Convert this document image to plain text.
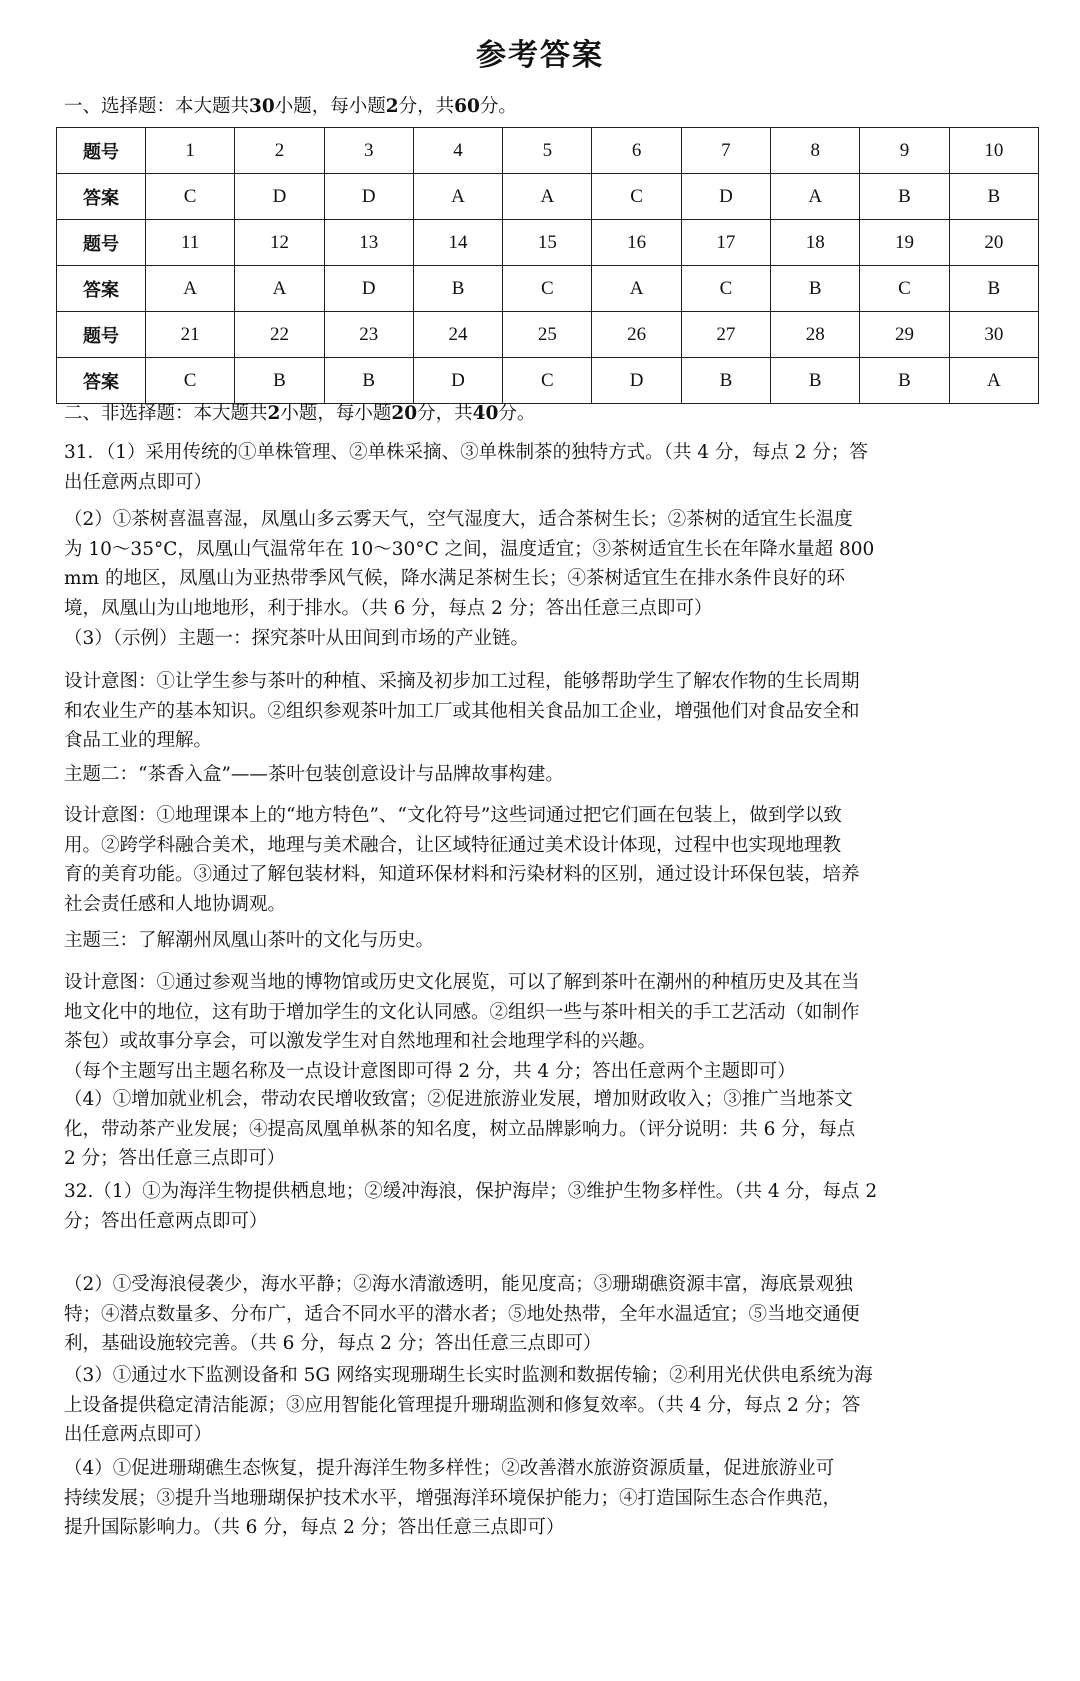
参考答案
一、选择题：本大题共30小题，每小题2分，共60分。
题号	1	2	3	4	5	6	7	8	9	10
答案	C	D	D	A	A	C	D	A	B	B
题号	11	12	13	14	15	16	17	18	19	20
答案	A	A	D	B	C	A	C	B	C	B
题号	21	22	23	24	25	26	27	28	29	30
答案	C	B	B	D	C	D	B	B	B	A
二、非选择题：本大题共2小题，每小题20分，共40分。
31．（1）采用传统的①单株管理、②单株采摘、③单株制茶的独特方式。（共 4 分，每点 2 分；答
出任意两点即可）
（2）①茶树喜温喜湿，凤凰山多云雾天气，空气湿度大，适合茶树生长；②茶树的适宜生长温度
为 10～35°C，凤凰山气温常年在 10～30°C 之间，温度适宜；③茶树适宜生长在年降水量超 800
mm 的地区，凤凰山为亚热带季风气候，降水满足茶树生长；④茶树适宜生在排水条件良好的环
境，凤凰山为山地地形，利于排水。（共 6 分，每点 2 分；答出任意三点即可）
（3）（示例）主题一：探究茶叶从田间到市场的产业链。
设计意图：①让学生参与茶叶的种植、采摘及初步加工过程，能够帮助学生了解农作物的生长周期
和农业生产的基本知识。②组织参观茶叶加工厂或其他相关食品加工企业，增强他们对食品安全和
食品工业的理解。
主题二：“茶香入盒”——茶叶包装创意设计与品牌故事构建。
设计意图：①地理课本上的“地方特色”、“文化符号”这些词通过把它们画在包装上，做到学以致
用。②跨学科融合美术，地理与美术融合，让区域特征通过美术设计体现，过程中也实现地理教
育的美育功能。③通过了解包装材料，知道环保材料和污染材料的区别，通过设计环保包装，培养
社会责任感和人地协调观。
主题三：了解潮州凤凰山茶叶的文化与历史。
设计意图：①通过参观当地的博物馆或历史文化展览，可以了解到茶叶在潮州的种植历史及其在当
地文化中的地位，这有助于增加学生的文化认同感。②组织一些与茶叶相关的手工艺活动（如制作
茶包）或故事分享会，可以激发学生对自然地理和社会地理学科的兴趣。
（每个主题写出主题名称及一点设计意图即可得 2 分，共 4 分；答出任意两个主题即可）
（4）①增加就业机会，带动农民增收致富；②促进旅游业发展，增加财政收入；③推广当地茶文
化，带动茶产业发展；④提高凤凰单枞茶的知名度，树立品牌影响力。（评分说明：共 6 分，每点
2 分；答出任意三点即可）
32.（1）①为海洋生物提供栖息地；②缓冲海浪，保护海岸；③维护生物多样性。（共 4 分，每点 2
分；答出任意两点即可）
（2）①受海浪侵袭少，海水平静；②海水清澈透明，能见度高；③珊瑚礁资源丰富，海底景观独
特；④潜点数量多、分布广，适合不同水平的潜水者；⑤地处热带，全年水温适宜；⑤当地交通便
利，基础设施较完善。（共 6 分，每点 2 分；答出任意三点即可）
（3）①通过水下监测设备和 5G 网络实现珊瑚生长实时监测和数据传输；②利用光伏供电系统为海
上设备提供稳定清洁能源；③应用智能化管理提升珊瑚监测和修复效率。（共 4 分，每点 2 分；答
出任意两点即可）
（4）①促进珊瑚礁生态恢复，提升海洋生物多样性；②改善潜水旅游资源质量，促进旅游业可
持续发展；③提升当地珊瑚保护技术水平，增强海洋环境保护能力；④打造国际生态合作典范，
提升国际影响力。（共 6 分，每点 2 分；答出任意三点即可）
